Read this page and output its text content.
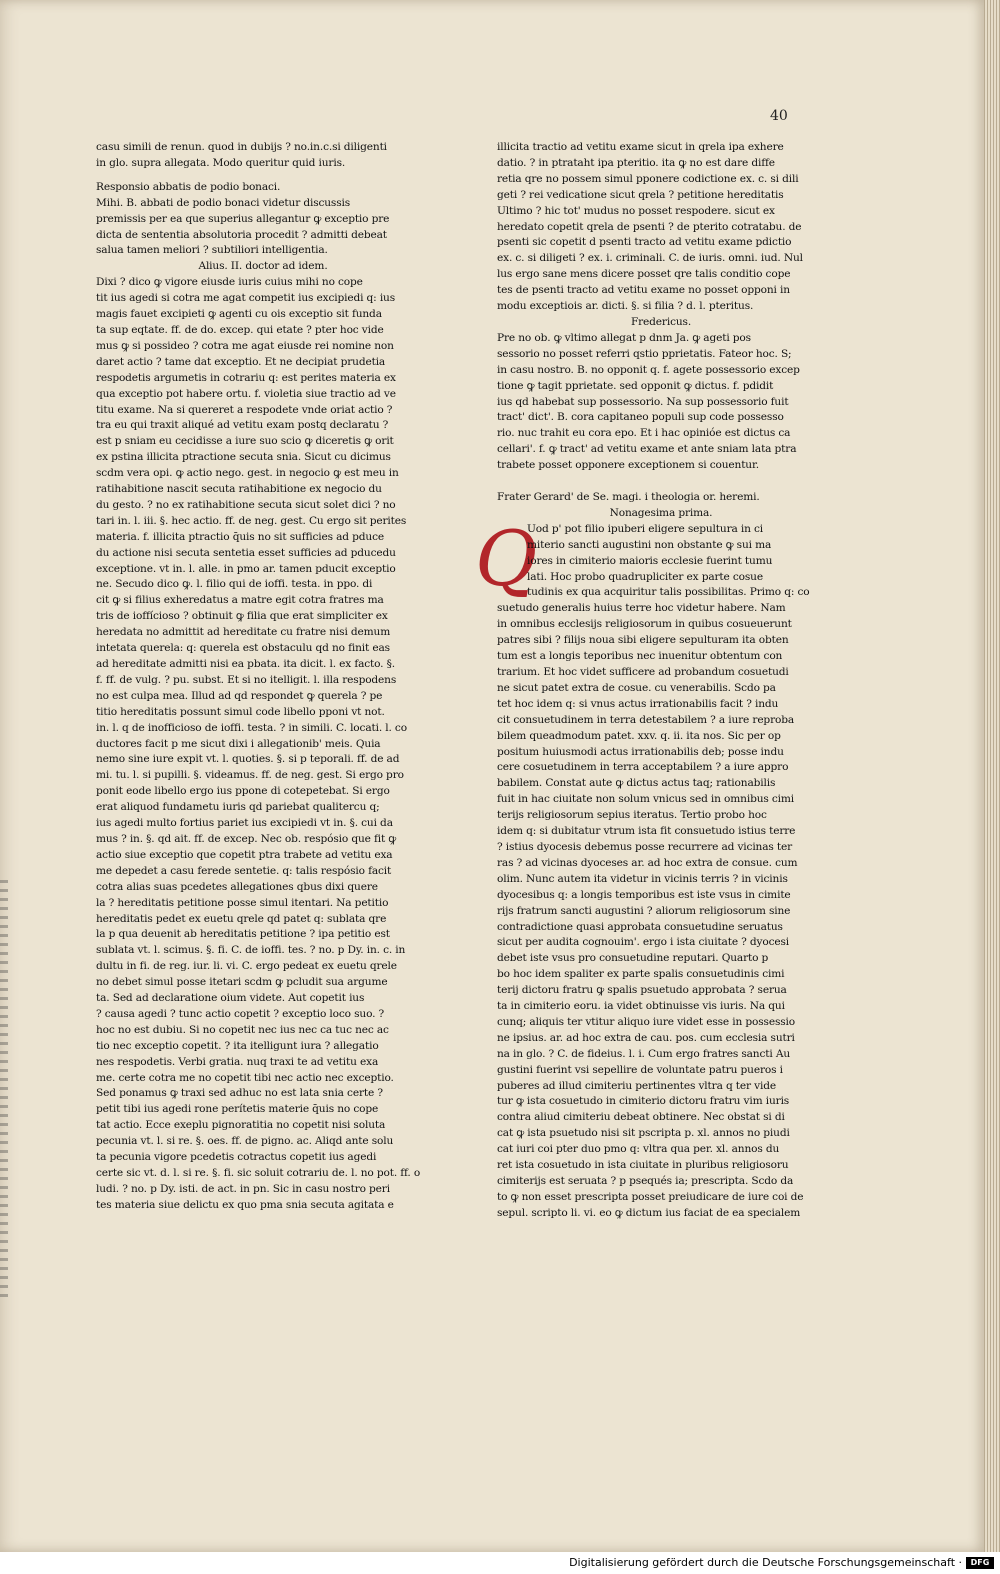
40
casu simili de renun. quod in dubijs ? no.in.c.si diligenti
in glo. supra allegata. Modo queritur quid iuris.
Responsio abbatis de podio bonaci.
Mihi. B. abbati de podio bonaci videtur discussis
premissis per ea que superius allegantur ꝙ exceptio pre
dicta de sententia absolutoria procedit ? admitti debeat
salua tamen meliori ? subtiliori intelligentia.
Alius. II. doctor ad idem.
Dixi ? dico ꝙ vigore eiusde iuris cuius mihi no cope
tit ius agedi si cotra me agat competit ius excipiedi q: ius
magis fauet excipieti ꝙ agenti cu ois exceptio sit funda
ta sup eqtate. ff. de do. excep. qui etate ? pter hoc vide
mus ꝙ si possideo ? cotra me agat eiusde rei nomine non
daret actio ? tame dat exceptio. Et ne decipiat prudetia
respodetis argumetis in cotrariu q: est perites materia ex
qua exceptio pot habere ortu. f. violetia siue tractio ad ve
titu exame. Na si quereret a respodete vnde oriat actio ?
tra eu qui traxit aliqué ad vetitu exam postq declaratu ?
est p sniam eu cecidisse a iure suo scio ꝙ diceretis ꝙ orit
ex pstina illicita ptractione secuta snia. Sicut cu dicimus
scdm vera opi. ꝙ actio nego. gest. in negocio ꝙ est meu in
ratihabitione nascit secuta ratihabitione ex negocio du
du gesto. ? no ex ratihabitione secuta sicut solet dici ? no
tari in. l. iii. §. hec actio. ff. de neg. gest. Cu ergo sit perites
materia. f. illicita ptractio q̄uis no sit sufficies ad pduce
du actione nisi secuta sentetia esset sufficies ad pducedu
exceptione. vt in. l. alle. in pmo ar. tamen pducit exceptio
ne. Secudo dico ꝙ. l. filio qui de ioffi. testa. in ppo. di
cit ꝙ si filius exheredatus a matre egit cotra fratres ma
tris de ioffícioso ? obtinuit ꝙ filia que erat simpliciter ex
heredata no admittit ad hereditate cu fratre nisi demum
intetata querela: q: querela est obstaculu qd no finit eas
ad hereditate admitti nisi ea pbata. ita dicit. l. ex facto. §.
f. ff. de vulg. ? pu. subst. Et si no itelligit. l. illa respodens
no est culpa mea. Illud ad qd respondet ꝙ querela ? pe
titio hereditatis possunt simul code libello pponi vt not.
in. l. q de inofficioso de ioffi. testa. ? in simili. C. locati. l. co
ductores facit p me sicut dixi i allegationib' meis. Quia
nemo sine iure expit vt. l. quoties. §. si p teporali. ff. de ad
mi. tu. l. si pupilli. §. videamus. ff. de neg. gest. Si ergo pro
ponit eode libello ergo ius ppone di cotepetebat. Si ergo
erat aliquod fundametu iuris qd pariebat qualitercu q;
ius agedi multo fortius pariet ius excipiedi vt in. §. cui da
mus ? in. §. qd ait. ff. de excep. Nec ob. respósio que fit ꝙ
actio siue exceptio que copetit ptra trabete ad vetitu exa
me depedet a casu ferede sentetie. q: talis respósio facit
cotra alias suas pcedetes allegationes qbus dixi quere
la ? hereditatis petitione posse simul itentari. Na petitio
hereditatis pedet ex euetu qrele qd patet q: sublata qre
la p qua deuenit ab hereditatis petitione ? ipa petitio est
sublata vt. l. scimus. §. fi. C. de ioffi. tes. ? no. p Dy. in. c. in
dultu in fi. de reg. iur. li. vi. C. ergo pedeat ex euetu qrele
no debet simul posse itetari scdm ꝙ pcludit sua argume
ta. Sed ad declaratione oium videte. Aut copetit ius
? causa agedi ? tunc actio copetit ? exceptio loco suo. ?
hoc no est dubiu. Si no copetit nec ius nec ca tuc nec ac
tio nec exceptio copetit. ? ita itelligunt iura ? allegatio
nes respodetis. Verbi gratia. nuq traxi te ad vetitu exa
me. certe cotra me no copetit tibi nec actio nec exceptio.
Sed ponamus ꝙ traxi sed adhuc no est lata snia certe ?
petit tibi ius agedi rone perítetis materie q̄uis no cope
tat actio. Ecce exeplu pignoratitia no copetit nisi soluta
pecunia vt. l. si re. §. oes. ff. de pigno. ac. Aliqd ante solu
ta pecunia vigore pcedetis cotractus copetit ius agedi
certe sic vt. d. l. si re. §. fi. sic soluit cotrariu de. l. no pot. ff. o
ludi. ? no. p Dy. isti. de act. in pn. Sic in casu nostro peri
tes materia siue delictu ex quo pma snia secuta agitata e
illicita tractio ad vetitu exame sicut in qrela ipa exhere
datio. ? in ptrataht ipa pteritio. ita ꝙ no est dare diffe
retia qre no possem simul pponere codictione ex. c. si dili
geti ? rei vedicatione sicut qrela ? petitione hereditatis
Ultimo ? hic tot' mudus no posset respodere. sicut ex
heredato copetit qrela de psenti ? de pterito cotratabu. de
psenti sic copetit d psenti tracto ad vetitu exame pdictio
ex. c. si diligeti ? ex. i. criminali. C. de iuris. omni. iud. Nul
lus ergo sane mens dicere posset qre talis conditio cope
tes de psenti tracto ad vetitu exame no posset opponi in
modu exceptiois ar. dicti. §. si filia ? d. l. pteritus.
Fredericus.
Pre no ob. ꝙ vltimo allegat p dnm Ja. ꝙ ageti pos
sessorio no posset referri qstio pprietatis. Fateor hoc. S;
in casu nostro. B. no opponit q. f. agete possessorio excep
tione ꝙ tagit pprietate. sed opponit ꝙ dictus. f. pdidit
ius qd habebat sup possessorio. Na sup possessorio fuit
tract' dict'. B. cora capitaneo populi sup code possesso
rio. nuc trahit eu cora epo. Et i hac opinióe est dictus ca
cellari'. f. ꝙ tract' ad vetitu exame et ante sniam lata ptra
trabete posset opponere exceptionem si couentur.
Frater Gerard' de Se. magi. i theologia or. heremi.
Nonagesima prima.
Q
Uod p' pot filio ipuberi eligere sepultura in ci
miterio sancti augustini non obstante ꝙ sui ma
iores in cimiterio maioris ecclesie fuerint tumu
lati. Hoc probo quadrupliciter ex parte cosue
tudinis ex qua acquiritur talis possibilitas. Primo q: co
suetudo generalis huius terre hoc videtur habere. Nam
in omnibus ecclesijs religiosorum in quibus cosueuerunt
patres sibi ? filijs noua sibi eligere sepulturam ita obten
tum est a longis teporibus nec inuenitur obtentum con
trarium. Et hoc videt sufficere ad probandum cosuetudi
ne sicut patet extra de cosue. cu venerabilis. Scdo pa
tet hoc idem q: si vnus actus irrationabilis facit ? indu
cit consuetudinem in terra detestabilem ? a iure reproba
bilem queadmodum patet. xxv. q. ii. ita nos. Sic per op
positum huiusmodi actus irrationabilis deb; posse indu
cere cosuetudinem in terra acceptabilem ? a iure appro
babilem. Constat aute ꝙ dictus actus taq; rationabilis
fuit in hac ciuitate non solum vnicus sed in omnibus cimi
terijs religiosorum sepius iteratus. Tertio probo hoc
idem q: si dubitatur vtrum ista fit consuetudo istius terre
? istius dyocesis debemus posse recurrere ad vicinas ter
ras ? ad vicinas dyoceses ar. ad hoc extra de consue. cum
olim. Nunc autem ita videtur in vicinis terris ? in vicinis
dyocesibus q: a longis temporibus est iste vsus in cimite
rijs fratrum sancti augustini ? aliorum religiosorum sine
contradictione quasi approbata consuetudine seruatus
sicut per audita cognouim'. ergo i ista ciuitate ? dyocesi
debet iste vsus pro consuetudine reputari. Quarto p
bo hoc idem spaliter ex parte spalis consuetudinis cimi
terij dictoru fratru ꝙ spalis psuetudo approbata ? serua
ta in cimiterio eoru. ia videt obtinuisse vis iuris. Na qui
cunq; aliquis ter vtitur aliquo iure videt esse in possessio
ne ipsius. ar. ad hoc extra de cau. pos. cum ecclesia sutri
na in glo. ? C. de fideius. l. i. Cum ergo fratres sancti Au
gustini fuerint vsi sepellire de voluntate patru pueros i
puberes ad illud cimiteriu pertinentes vltra q ter vide
tur ꝙ ista cosuetudo in cimiterio dictoru fratru vim iuris
contra aliud cimiteriu debeat obtinere. Nec obstat si di
cat ꝙ ista psuetudo nisi sit pscripta p. xl. annos no piudi
cat iuri coi pter duo pmo q: vltra qua per. xl. annos du
ret ista cosuetudo in ista ciuitate in pluribus religiosoru
cimiterijs est seruata ? p psequés ia; prescripta. Scdo da
to ꝙ non esset prescripta posset preiudicare de iure coi de
sepul. scripto li. vi. eo ꝙ dictum ius faciat de ea specialem
Digitalisierung gefördert durch die Deutsche Forschungsgemeinschaft ·	DFG
